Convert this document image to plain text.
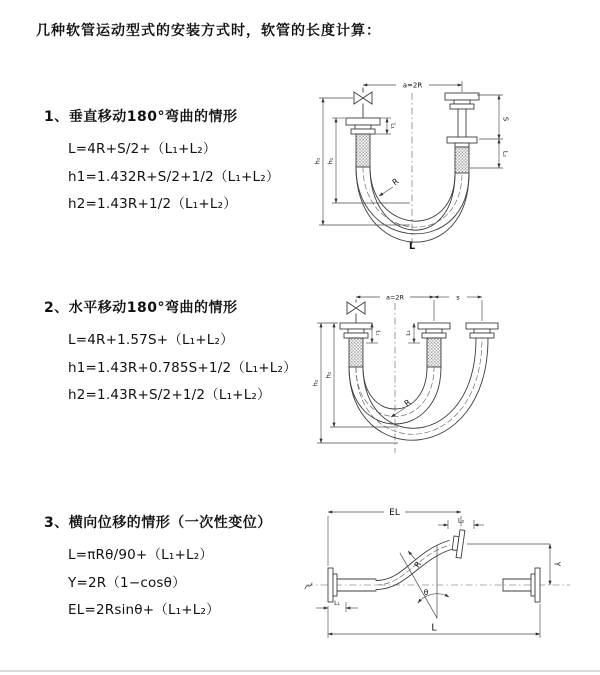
几种软管运动型式的安装方式时，软管的长度计算：
1、垂直移动180°弯曲的情形
L=4R+S/2+（L₁+L₂）
h1=1.432R+S/2+1/2（L₁+L₂）
h2=1.43R+1/2（L₁+L₂）
2、水平移动180°弯曲的情形
L=4R+1.57S+（L₁+L₂）
h1=1.43R+0.785S+1/2（L₁+L₂）
h2=1.43R+S/2+1/2（L₁+L₂）
3、横向位移的情形（一次性变位）
L=πRθ/90+（L₁+L₂）
Y=2R（1−cosθ）
EL=2Rsinθ+（L₁+L₂）
a=2R
S
L₂
L₁
h₂
h₁
R
L
a=2R	s
h₁
h₂
L₁	L₂
R
EL
L₂
Y
L
L₁
R
θ
